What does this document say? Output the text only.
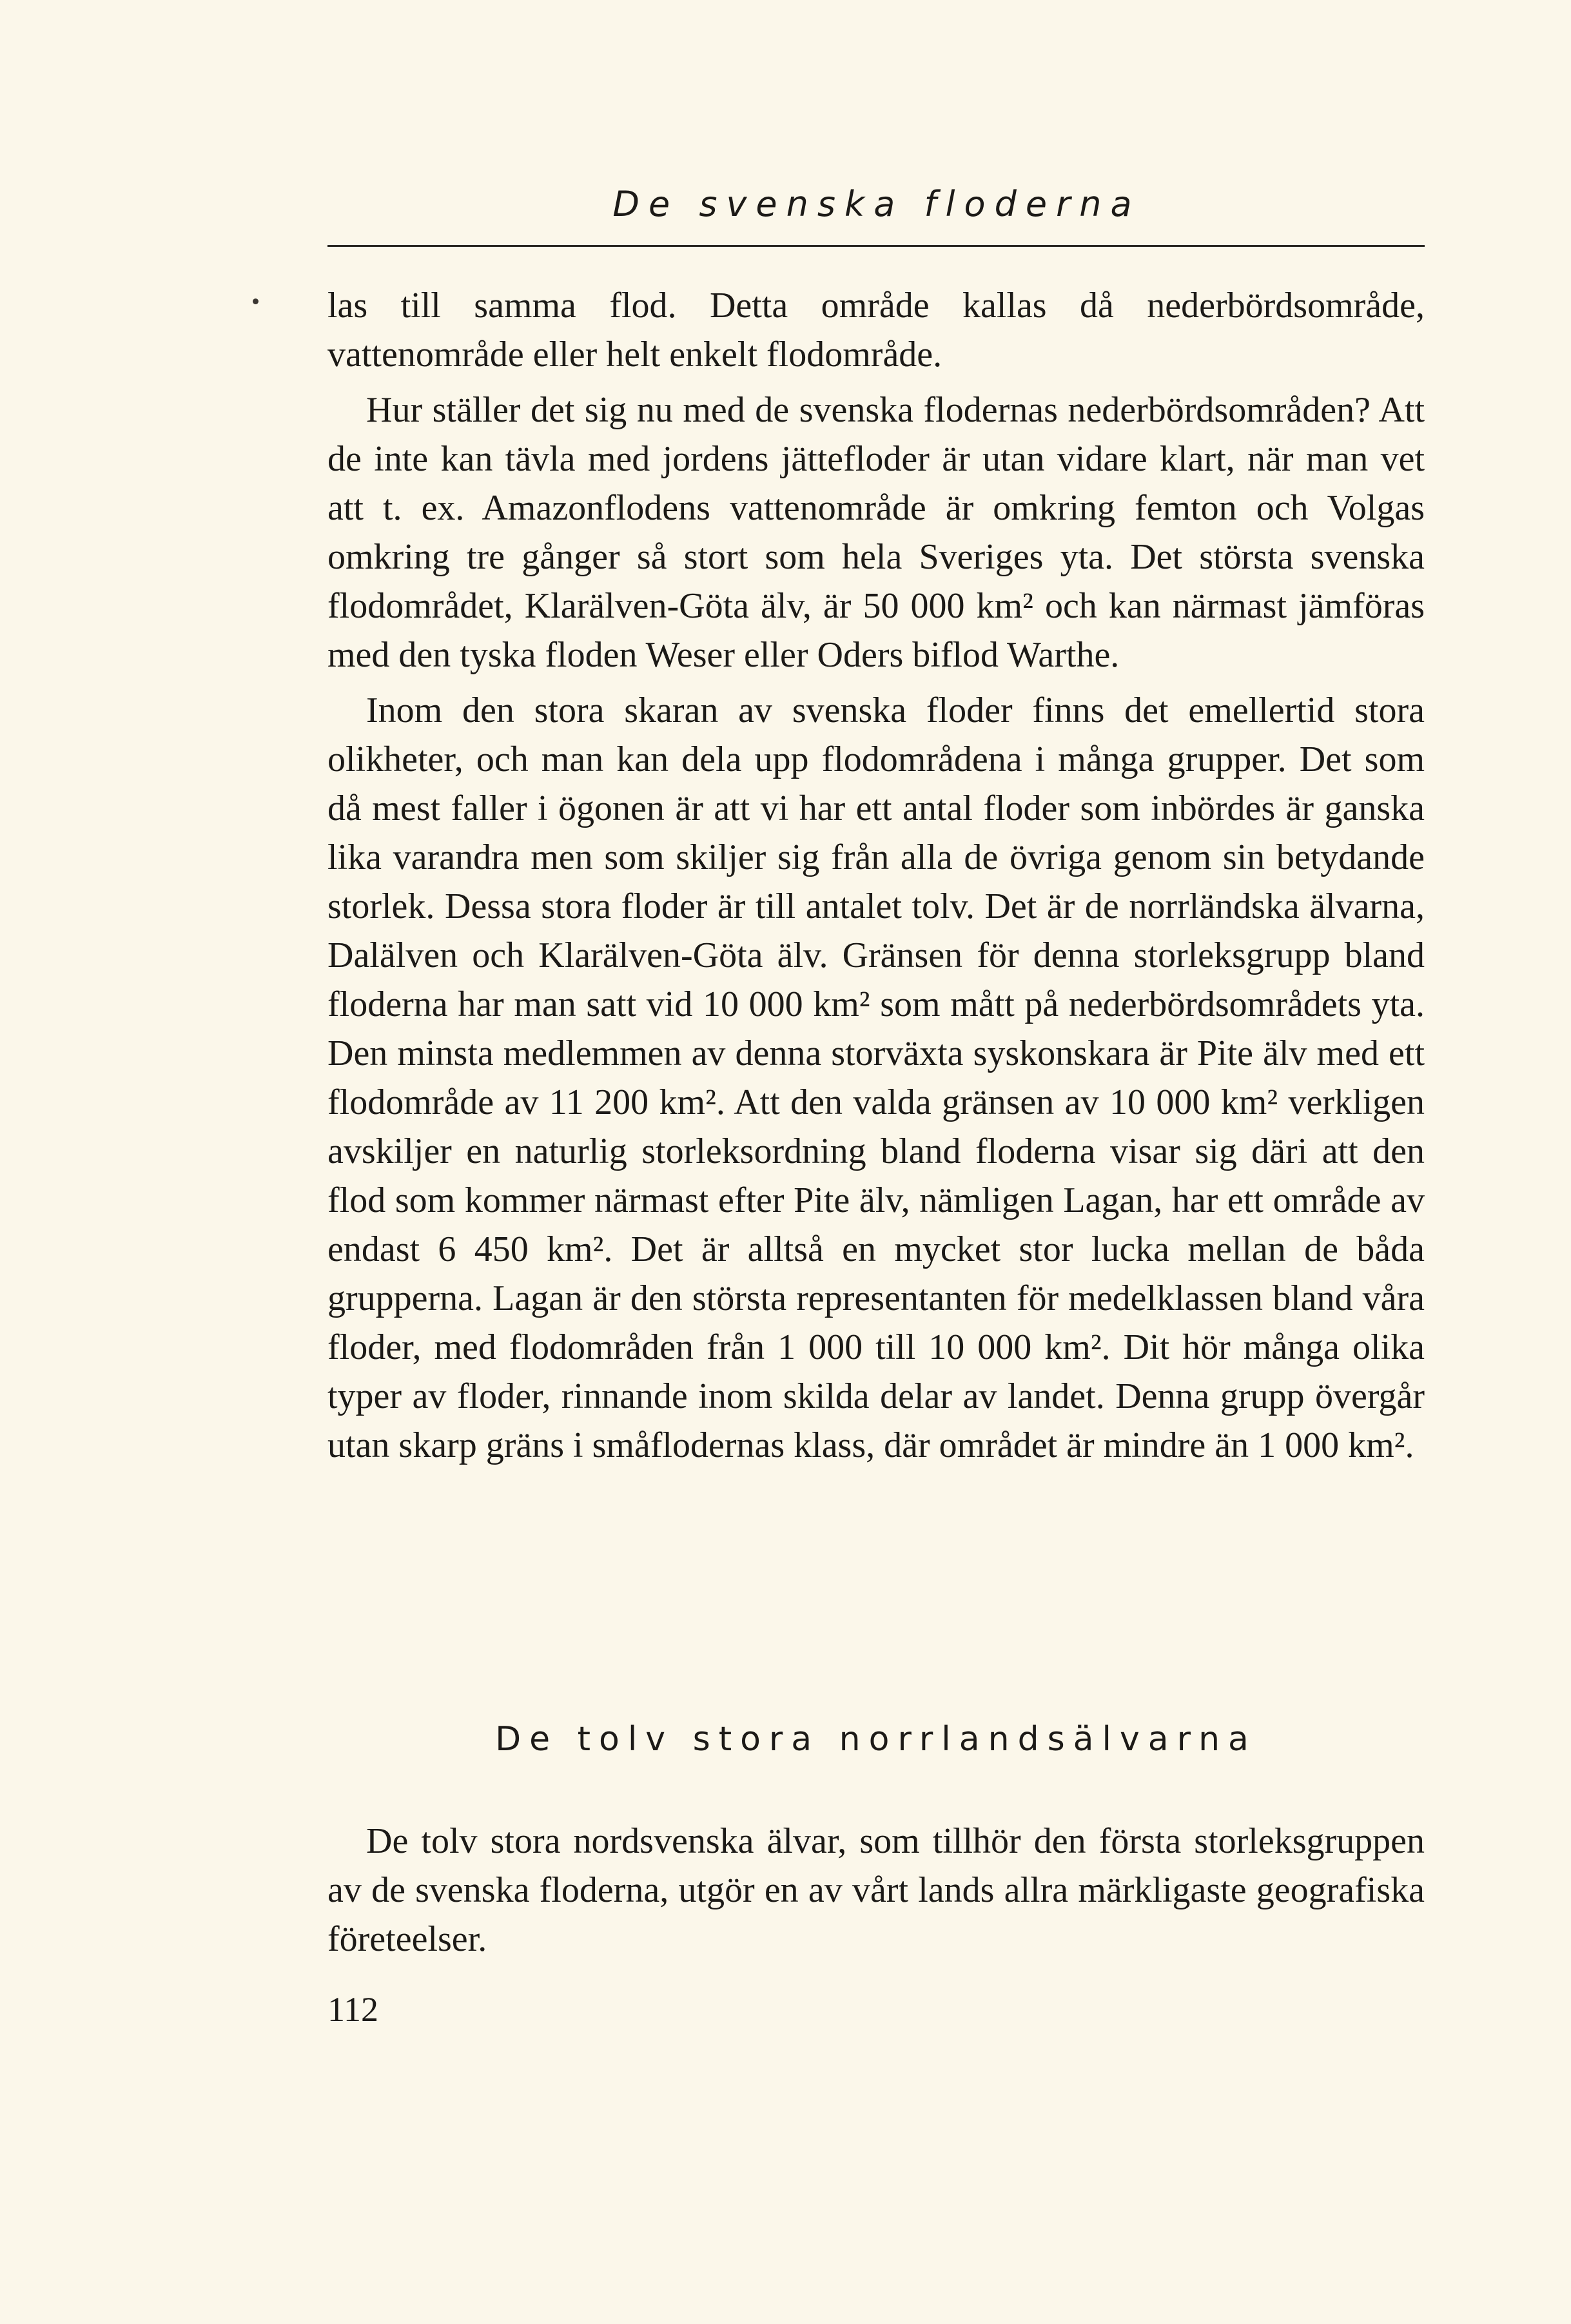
De svenska floderna

las till samma flod. Detta område kallas då nederbördsområde, vattenområde eller helt enkelt flodområde.

Hur ställer det sig nu med de svenska flodernas nederbördsområden? Att de inte kan tävla med jordens jättefloder är utan vidare klart, när man vet att t. ex. Amazonflodens vattenområde är omkring femton och Volgas omkring tre gånger så stort som hela Sveriges yta. Det största svenska flodområdet, Klarälven-Göta älv, är 50 000 km² och kan närmast jämföras med den tyska floden Weser eller Oders biflod Warthe.

Inom den stora skaran av svenska floder finns det emellertid stora olikheter, och man kan dela upp flodområdena i många grupper. Det som då mest faller i ögonen är att vi har ett antal floder som inbördes är ganska lika varandra men som skiljer sig från alla de övriga genom sin betydande storlek. Dessa stora floder är till antalet tolv. Det är de norrländska älvarna, Dalälven och Klarälven-Göta älv. Gränsen för denna storleksgrupp bland floderna har man satt vid 10 000 km² som mått på nederbördsområdets yta. Den minsta medlemmen av denna storväxta syskonskara är Pite älv med ett flodområde av 11 200 km². Att den valda gränsen av 10 000 km² verkligen avskiljer en naturlig storleksordning bland floderna visar sig däri att den flod som kommer närmast efter Pite älv, nämligen Lagan, har ett område av endast 6 450 km². Det är alltså en mycket stor lucka mellan de båda grupperna. Lagan är den största representanten för medelklassen bland våra floder, med flodområden från 1 000 till 10 000 km². Dit hör många olika typer av floder, rinnande inom skilda delar av landet. Denna grupp övergår utan skarp gräns i småflodernas klass, där området är mindre än 1 000 km².

De tolv stora norrlandsälvarna

De tolv stora nordsvenska älvar, som tillhör den första storleksgruppen av de svenska floderna, utgör en av vårt lands allra märkligaste geografiska företeelser.

112
